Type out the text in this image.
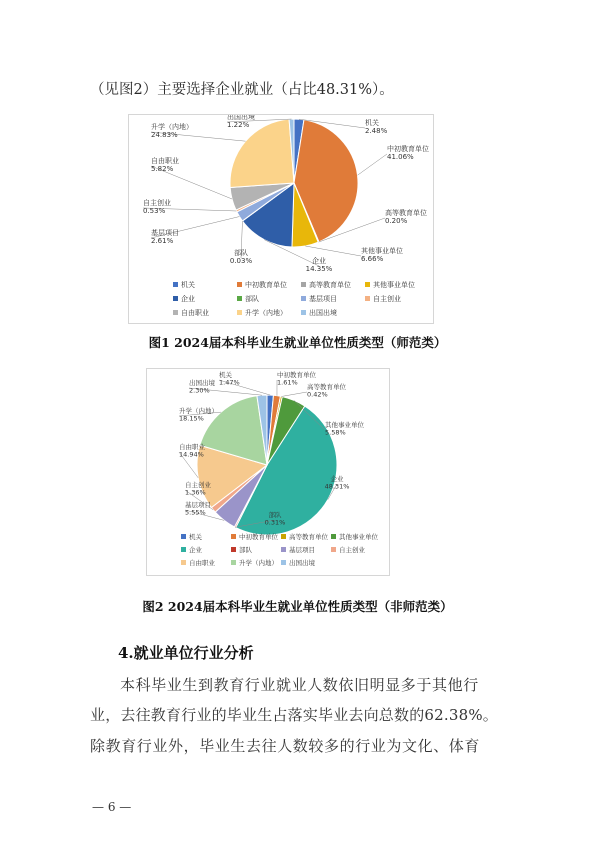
（见图2）主要选择企业就业（占比48.31%）。
机关
2.48%
中初教育单位
41.06%
高等教育单位
0.20%
其他事业单位
6.66%
企业
14.35%
部队
0.03%
基层项目
2.61%
自主创业
0.53%
自由职业
5.82%
升学（内地）
24.83%
出国出境
1.22%
机关	中初教育单位	高等教育单位	其他事业单位
企业	部队	基层项目	自主创业
自由职业	升学（内地）	出国出境
图1 2024届本科毕业生就业单位性质类型（师范类）
机关
1.47%
中初教育单位
1.61%
高等教育单位
0.42%
其他事业单位
5.58%
企业
48.31%
部队
0.31%
基层项目
5.55%
自主创业
1.36%
自由职业
14.94%
升学（内地）
18.15%
出国出境
2.30%
机关	中初教育单位 高等教育单位 其他事业单位
企业	部队	基层项目	自主创业
自由职业	升学（内地） 出国出境
图2 2024届本科毕业生就业单位性质类型（非师范类）
4.就业单位行业分析
本科毕业生到教育行业就业人数依旧明显多于其他行
业，去往教育行业的毕业生占落实毕业去向总数的62.38%。
除教育行业外，毕业生去往人数较多的行业为文化、体育
— 6 —
